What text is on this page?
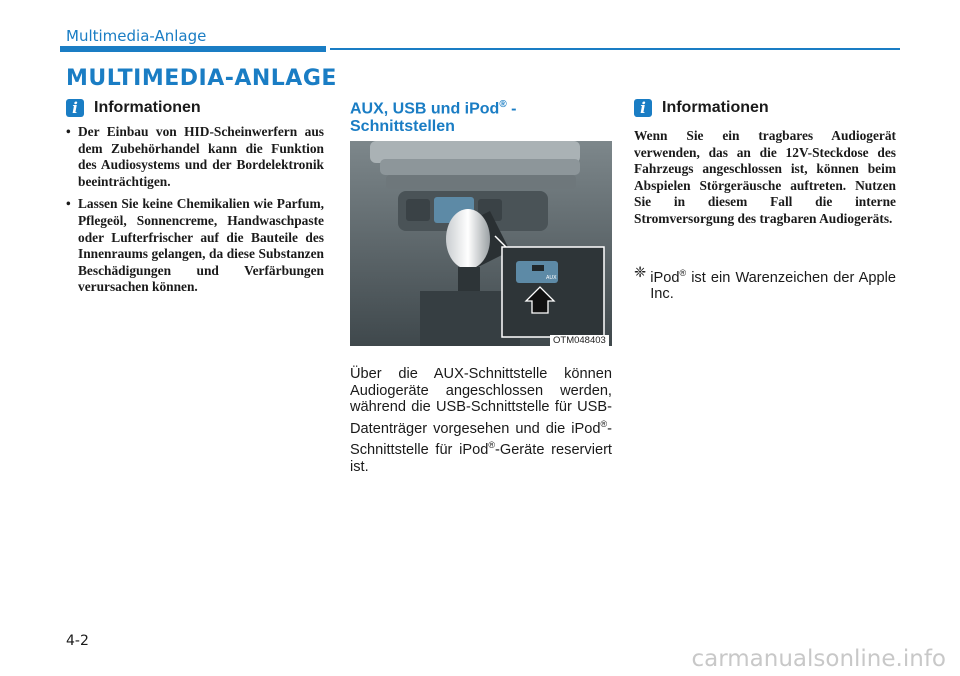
Multimedia-Anlage
MULTIMEDIA-ANLAGE
i	Informationen
• Der Einbau von HID-Scheinwerfern aus dem Zubehörhandel kann die Funktion des Audiosystems und der Bordelektronik beeinträchtigen.
• Lassen Sie keine Chemikalien wie Parfum, Pflegeöl, Sonnencreme, Handwaschpaste oder Lufterfrischer auf die Bauteile des Innenraums gelangen, da diese Substanzen Beschädigungen und Verfärbungen verursachen können.
AUX, USB und iPod® - Schnittstellen
AUX
OTM048403
Über die AUX-Schnittstelle können Audiogeräte angeschlossen werden, während die USB-Schnittstelle für USB-Datenträger vorgesehen und die iPod®-Schnittstelle für iPod®-Geräte reserviert ist.
i	Informationen
Wenn Sie ein tragbares Audiogerät verwenden, das an die 12V-Steckdose des Fahrzeugs angeschlossen ist, können beim Abspielen Störgeräusche auftreten. Nutzen Sie in diesem Fall die interne Stromversorgung des tragbaren Audiogeräts.
❈ iPod® ist ein Warenzeichen der Apple Inc.
4-2
carmanualsonline.info
